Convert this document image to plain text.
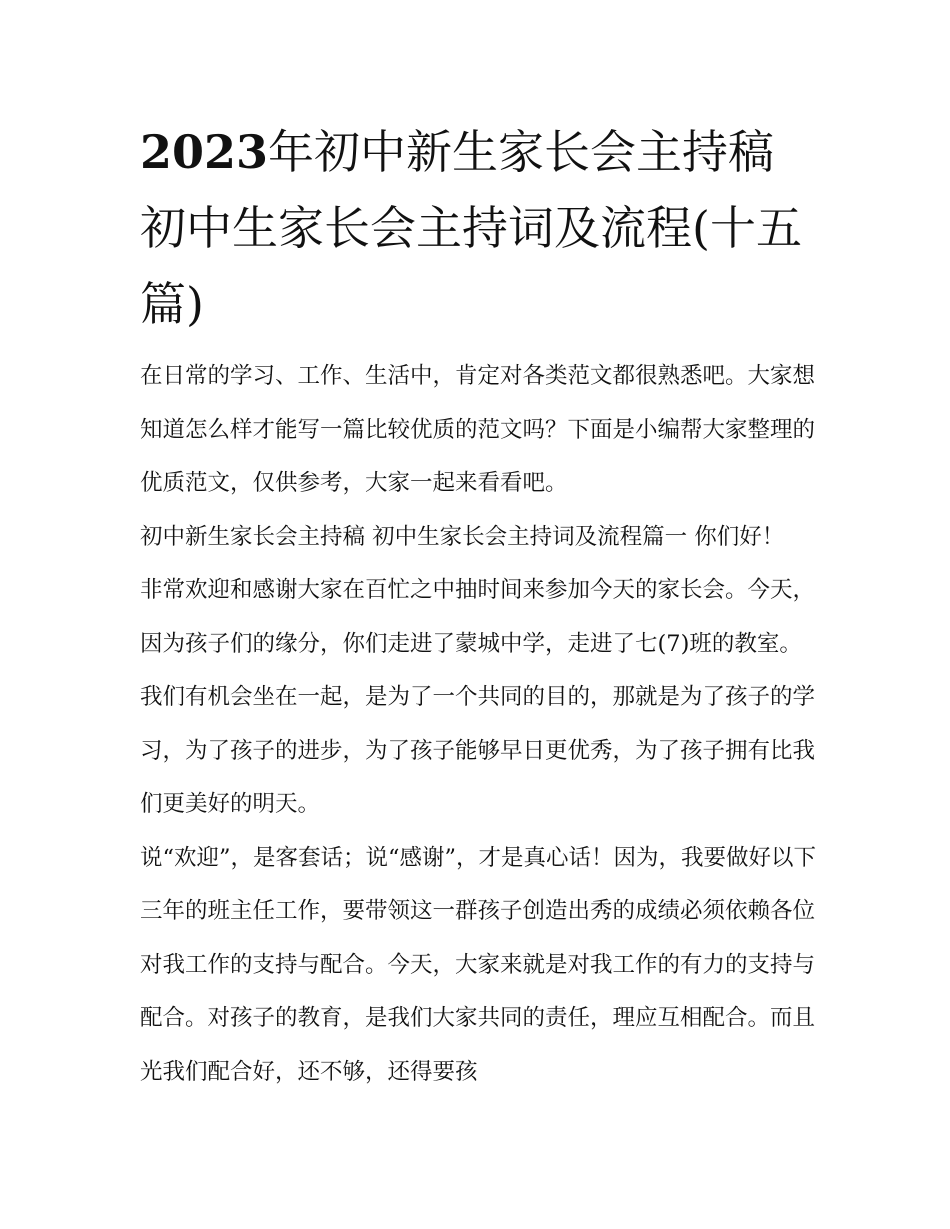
2023年初中新生家长会主持稿初中生家长会主持词及流程(十五篇)

在日常的学习、工作、生活中，肯定对各类范文都很熟悉吧。大家想知道怎么样才能写一篇比较优质的范文吗？下面是小编帮大家整理的优质范文，仅供参考，大家一起来看看吧。

初中新生家长会主持稿 初中生家长会主持词及流程篇一 你们好！

非常欢迎和感谢大家在百忙之中抽时间来参加今天的家长会。今天，因为孩子们的缘分，你们走进了蒙城中学，走进了七(7)班的教室。我们有机会坐在一起，是为了一个共同的目的，那就是为了孩子的学习，为了孩子的进步，为了孩子能够早日更优秀，为了孩子拥有比我们更美好的明天。

说“欢迎”，是客套话；说“感谢”，才是真心话！因为，我要做好以下三年的班主任工作，要带领这一群孩子创造出秀的成绩必须依赖各位对我工作的支持与配合。今天，大家来就是对我工作的有力的支持与配合。对孩子的教育，是我们大家共同的责任，理应互相配合。而且光我们配合好，还不够，还得要孩
